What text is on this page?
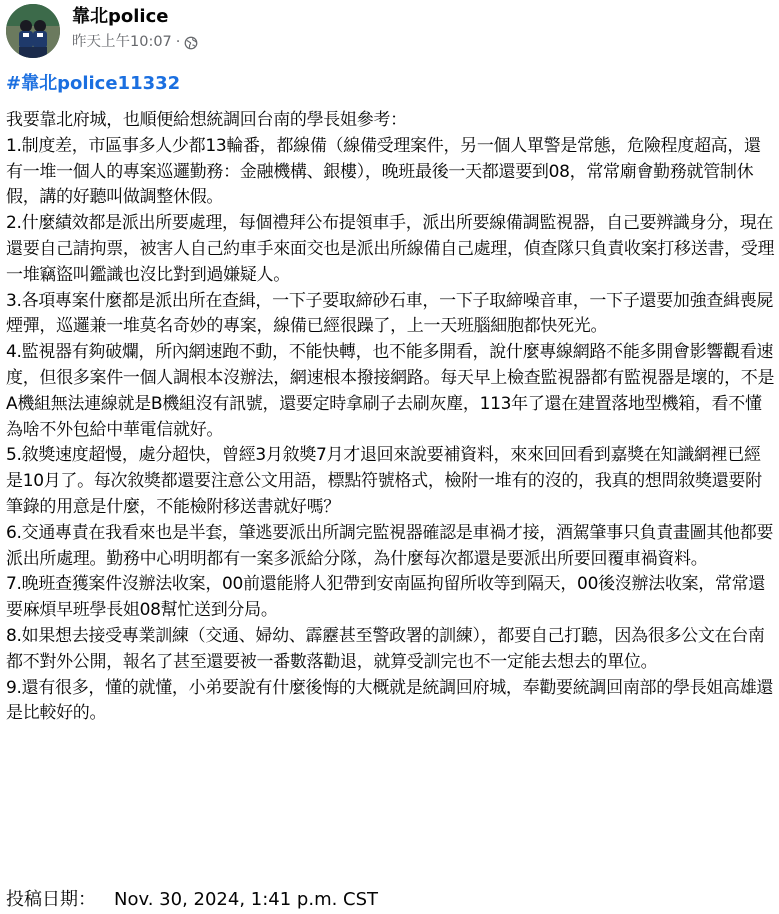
靠北police
昨天上午10:07 ·
#靠北police11332

我要靠北府城，也順便給想統調回台南的學長姐參考：

1.制度差，市區事多人少都13輪番，都線備（線備受理案件，另一個人單警是常態，危險程度超高，還有一堆一個人的專案巡邏勤務：金融機構、銀樓），晚班最後一天都還要到08，常常廟會勤務就管制休假，講的好聽叫做調整休假。

2.什麼績效都是派出所要處理，每個禮拜公布提領車手，派出所要線備調監視器，自己要辨識身分，現在還要自己請拘票，被害人自己約車手來面交也是派出所線備自己處理，偵查隊只負責收案打移送書，受理一堆竊盜叫鑑識也沒比對到過嫌疑人。

3.各項專案什麼都是派出所在查緝，一下子要取締砂石車，一下子取締噪音車，一下子還要加強查緝喪屍煙彈，巡邏兼一堆莫名奇妙的專案，線備已經很躁了，上一天班腦細胞都快死光。

4.監視器有夠破爛，所內網速跑不動，不能快轉，也不能多開看，說什麼專線網路不能多開會影響觀看速度，但很多案件一個人調根本沒辦法，網速根本撥接網路。每天早上檢查監視器都有監視器是壞的，不是A機組無法連線就是B機組沒有訊號，還要定時拿刷子去刷灰塵，113年了還在建置落地型機箱，看不懂為啥不外包給中華電信就好。

5.敘獎速度超慢，處分超快，曾經3月敘獎7月才退回來說要補資料，來來回回看到嘉獎在知識網裡已經是10月了。每次敘獎都還要注意公文用語，標點符號格式，檢附一堆有的沒的，我真的想問敘獎還要附筆錄的用意是什麼，不能檢附移送書就好嗎？

6.交通專責在我看來也是半套，肇逃要派出所調完監視器確認是車禍才接，酒駕肇事只負責畫圖其他都要派出所處理。勤務中心明明都有一案多派給分隊，為什麼每次都還是要派出所要回覆車禍資料。

7.晚班查獲案件沒辦法收案，00前還能將人犯帶到安南區拘留所收等到隔天，00後沒辦法收案，常常還要麻煩早班學長姐08幫忙送到分局。

8.如果想去接受專業訓練（交通、婦幼、霹靂甚至警政署的訓練），都要自己打聽，因為很多公文在台南都不對外公開，報名了甚至還要被一番數落勸退，就算受訓完也不一定能去想去的單位。

9.還有很多，懂的就懂，小弟要說有什麼後悔的大概就是統調回府城，奉勸要統調回南部的學長姐高雄還是比較好的。

投稿日期： Nov. 30, 2024, 1:41 p.m. CST
